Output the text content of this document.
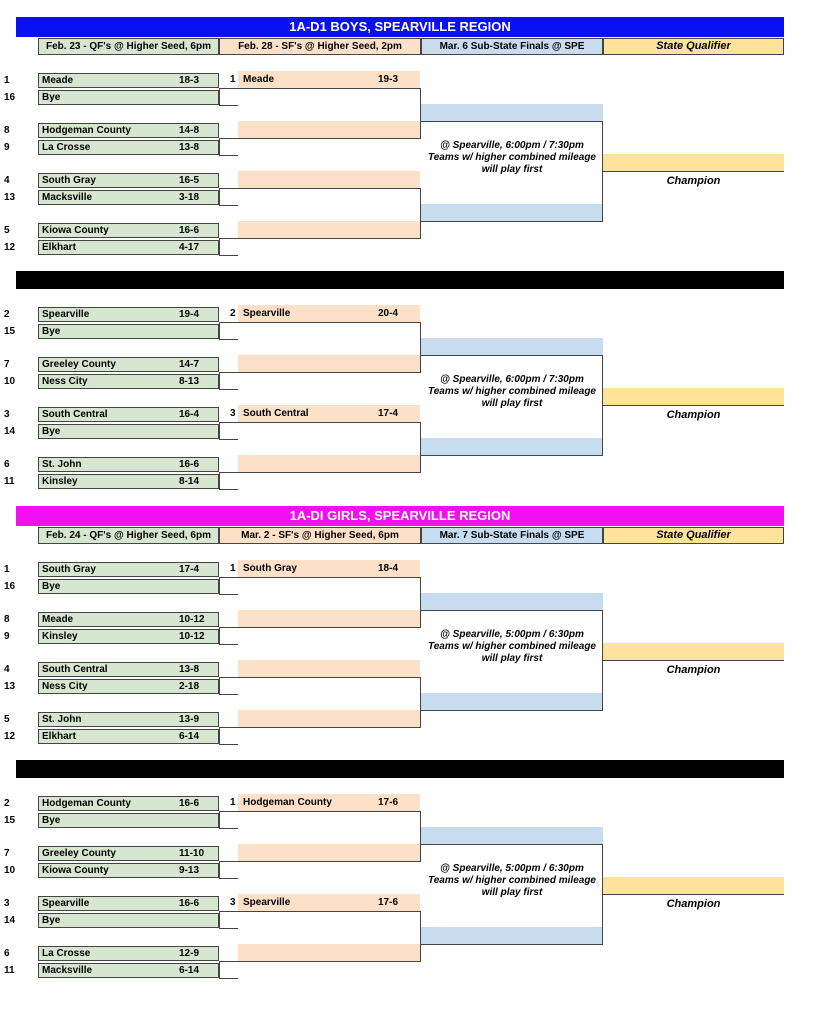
1A-D1 BOYS, SPEARVILLE REGION
Feb. 23 - QF's @ Higher Seed, 6pm	Feb. 28 - SF's @ Higher Seed, 2pm	Mar. 6 Sub-State Finals @ SPE	State Qualifier
1	Meade	18-3
16	Bye
8	Hodgeman County	14-8
9	La Crosse	13-8
4	South Gray	16-5
13	Macksville	3-18
5	Kiowa County	16-6
12	Elkhart	4-17
1 Meade	19-3
@ Spearville, 6:00pm / 7:30pm
Teams w/ higher combined mileage
will play first
Champion
2	Spearville	19-4
15	Bye
7	Greeley County	14-7
10	Ness City	8-13
3	South Central	16-4
14	Bye
6	St. John	16-6
11	Kinsley	8-14
2 Spearville	20-4
3 South Central	17-4
@ Spearville, 6:00pm / 7:30pm
Teams w/ higher combined mileage
will play first
Champion
1A-DI GIRLS, SPEARVILLE REGION
Feb. 24 - QF's @ Higher Seed, 6pm	Mar. 2 - SF's @ Higher Seed, 6pm	Mar. 7 Sub-State Finals @ SPE	State Qualifier
1	South Gray	17-4
16	Bye
8	Meade	10-12
9	Kinsley	10-12
4	South Central	13-8
13	Ness City	2-18
5	St. John	13-9
12	Elkhart	6-14
1 South Gray	18-4
@ Spearville, 5:00pm / 6:30pm
Teams w/ higher combined mileage
will play first
Champion
2	Hodgeman County	16-6
15	Bye
7	Greeley County	11-10
10	Kiowa County	9-13
3	Spearville	16-6
14	Bye
6	La Crosse	12-9
11	Macksville	6-14
1 Hodgeman County	17-6
3 Spearville	17-6
@ Spearville, 5:00pm / 6:30pm
Teams w/ higher combined mileage
will play first
Champion
